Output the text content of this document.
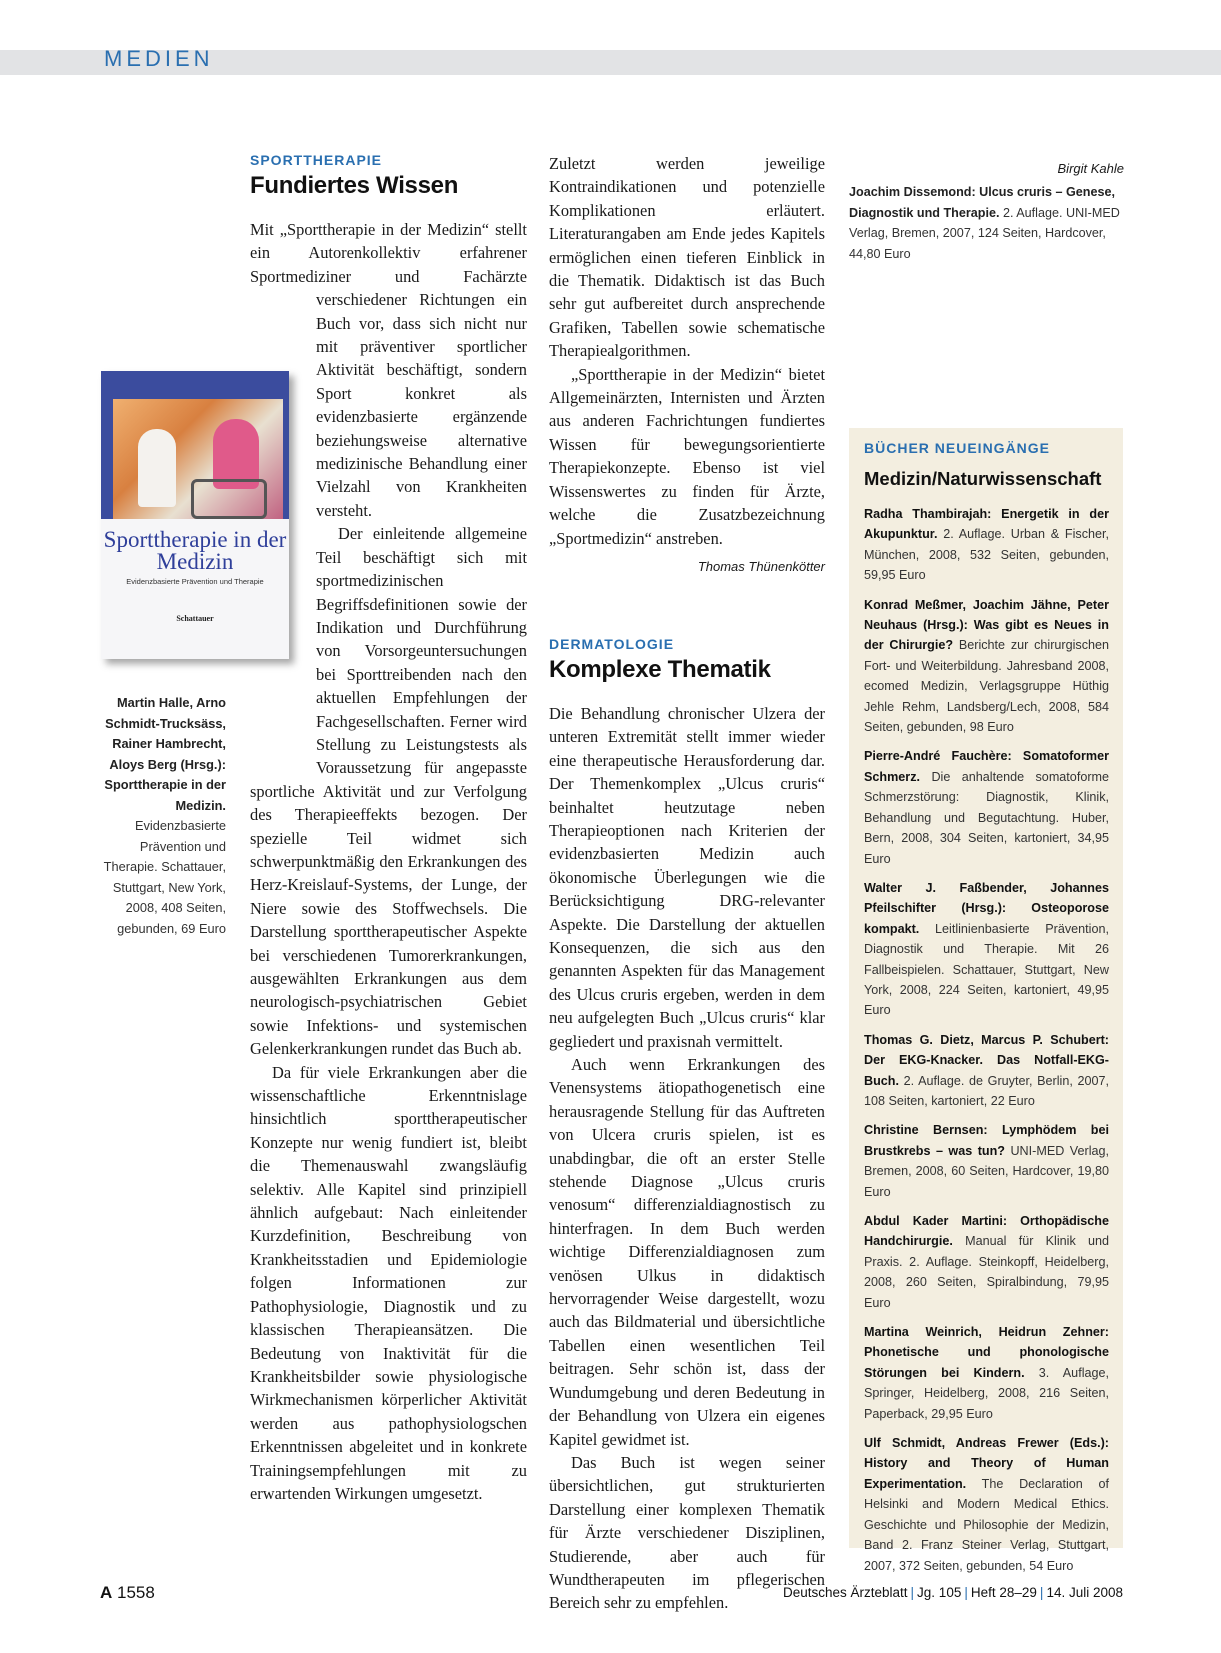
MEDIEN
Sporttherapie in der Medizin
Evidenzbasierte Prävention und Therapie
Schattauer
Martin Halle, Arno Schmidt-Trucksäss, Rainer Hambrecht, Aloys Berg (Hrsg.): Sporttherapie in der Medizin. Evidenzbasierte Prävention und Therapie. Schattauer, Stuttgart, New York, 2008, 408 Seiten, gebunden, 69 Euro
SPORTTHERAPIE
Fundiertes Wissen

Mit „Sporttherapie in der Medizin“ stellt ein Autorenkollektiv erfahrener Sportmediziner und Fachärzte verschiedener Richtungen ein Buch vor, dass sich nicht nur mit präventiver sportlicher Aktivität beschäftigt, sondern Sport konkret als evidenzbasierte ergänzende beziehungsweise alternative medizinische Behandlung einer Vielzahl von Krankheiten versteht.

Der einleitende allgemeine Teil beschäftigt sich mit sportmedizinischen Begriffsdefinitionen sowie der Indikation und Durchführung von Vorsorgeuntersuchungen bei Sporttreibenden nach den aktuellen Empfehlungen der Fachgesellschaften. Ferner wird Stellung zu Leistungstests als Voraussetzung für angepasste sportliche Aktivität und zur Verfolgung des Therapieeffekts bezogen. Der spezielle Teil widmet sich schwerpunktmäßig den Erkrankungen des Herz-Kreislauf-Systems, der Lunge, der Niere sowie des Stoffwechsels. Die Darstellung sporttherapeutischer Aspekte bei verschiedenen Tumorerkrankungen, ausgewählten Erkrankungen aus dem neurologisch-psychiatrischen Gebiet sowie Infektions- und systemischen Gelenkerkrankungen rundet das Buch ab.

Da für viele Erkrankungen aber die wissenschaftliche Erkenntnislage hinsichtlich sporttherapeutischer Konzepte nur wenig fundiert ist, bleibt die Themenauswahl zwangsläufig selektiv. Alle Kapitel sind prinzipiell ähnlich aufgebaut: Nach einleitender Kurzdefinition, Beschreibung von Krankheitsstadien und Epidemiologie folgen Informationen zur Pathophysiologie, Diagnostik und zu klassischen Therapieansätzen. Die Bedeutung von Inaktivität für die Krankheitsbilder sowie physiologische Wirkmechanismen körperlicher Aktivität werden aus pathophysiologschen Erkenntnissen abgeleitet und in konkrete Trainingsempfehlungen mit zu erwartenden Wirkungen umgesetzt.

Zuletzt werden jeweilige Kontraindikationen und potenzielle Komplikationen erläutert. Literaturangaben am Ende jedes Kapitels ermöglichen einen tieferen Einblick in die Thematik. Didaktisch ist das Buch sehr gut aufbereitet durch ansprechende Grafiken, Tabellen sowie schematische Therapiealgorithmen.

„Sporttherapie in der Medizin“ bietet Allgemeinärzten, Internisten und Ärzten aus anderen Fachrichtungen fundiertes Wissen für bewegungsorientierte Therapiekonzepte. Ebenso ist viel Wissenswertes zu finden für Ärzte, welche die Zusatzbezeichnung „Sportmedizin“ anstreben.
Thomas Thünenkötter

DERMATOLOGIE
Komplexe Thematik

Die Behandlung chronischer Ulzera der unteren Extremität stellt immer wieder eine therapeutische Herausforderung dar. Der Themenkomplex „Ulcus cruris“ beinhaltet heutzutage neben Therapieoptionen nach Kriterien der evidenzbasierten Medizin auch ökonomische Überlegungen wie die Berücksichtigung DRG-relevanter Aspekte. Die Darstellung der aktuellen Konsequenzen, die sich aus den genannten Aspekten für das Management des Ulcus cruris ergeben, werden in dem neu aufgelegten Buch „Ulcus cruris“ klar gegliedert und praxisnah vermittelt.

Auch wenn Erkrankungen des Venensystems ätiopathogenetisch eine herausragende Stellung für das Auftreten von Ulcera cruris spielen, ist es unabdingbar, die oft an erster Stelle stehende Diagnose „Ulcus cruris venosum“ differenzialdiagnostisch zu hinterfragen. In dem Buch werden wichtige Differenzialdiagnosen zum venösen Ulkus in didaktisch hervorragender Weise dargestellt, wozu auch das Bildmaterial und übersichtliche Tabellen einen wesentlichen Teil beitragen. Sehr schön ist, dass der Wundumgebung und deren Bedeutung in der Behandlung von Ulzera ein eigenes Kapitel gewidmet ist.

Das Buch ist wegen seiner übersichtlichen, gut strukturierten Darstellung einer komplexen Thematik für Ärzte verschiedener Disziplinen, Studierende, aber auch für Wundtherapeuten im pflegerischen Bereich sehr zu empfehlen.

Birgit Kahle

Joachim Dissemond: Ulcus cruris – Genese, Diagnostik und Therapie. 2. Auflage. UNI-MED Verlag, Bremen, 2007, 124 Seiten, Hardcover, 44,80 Euro
BÜCHER NEUEINGÄNGE
Medizin/Naturwissenschaft
Radha Thambirajah: Energetik in der Akupunktur. 2. Auflage. Urban & Fischer, München, 2008, 532 Seiten, gebunden, 59,95 Euro
Konrad Meßmer, Joachim Jähne, Peter Neuhaus (Hrsg.): Was gibt es Neues in der Chirurgie? Berichte zur chirurgischen Fort- und Weiterbildung. Jahresband 2008, ecomed Medizin, Verlagsgruppe Hüthig Jehle Rehm, Landsberg/Lech, 2008, 584 Seiten, gebunden, 98 Euro
Pierre-André Fauchère: Somatoformer Schmerz. Die anhaltende somatoforme Schmerzstörung: Diagnostik, Klinik, Behandlung und Begutachtung. Huber, Bern, 2008, 304 Seiten, kartoniert, 34,95 Euro
Walter J. Faßbender, Johannes Pfeilschifter (Hrsg.): Osteoporose kompakt. Leitlinienbasierte Prävention, Diagnostik und Therapie. Mit 26 Fallbeispielen. Schattauer, Stuttgart, New York, 2008, 224 Seiten, kartoniert, 49,95 Euro
Thomas G. Dietz, Marcus P. Schubert: Der EKG-Knacker. Das Notfall-EKG-Buch. 2. Auflage. de Gruyter, Berlin, 2007, 108 Seiten, kartoniert, 22 Euro
Christine Bernsen: Lymphödem bei Brustkrebs – was tun? UNI-MED Verlag, Bremen, 2008, 60 Seiten, Hardcover, 19,80 Euro
Abdul Kader Martini: Orthopädische Handchirurgie. Manual für Klinik und Praxis. 2. Auflage. Steinkopff, Heidelberg, 2008, 260 Seiten, Spiralbindung, 79,95 Euro
Martina Weinrich, Heidrun Zehner: Phonetische und phonologische Störungen bei Kindern. 3. Auflage, Springer, Heidelberg, 2008, 216 Seiten, Paperback, 29,95 Euro
Ulf Schmidt, Andreas Frewer (Eds.): History and Theory of Human Experimentation. The Declaration of Helsinki and Modern Medical Ethics. Geschichte und Philosophie der Medizin, Band 2. Franz Steiner Verlag, Stuttgart, 2007, 372 Seiten, gebunden, 54 Euro
A 1558	Deutsches Ärzteblatt | Jg. 105 | Heft 28–29 | 14. Juli 2008
